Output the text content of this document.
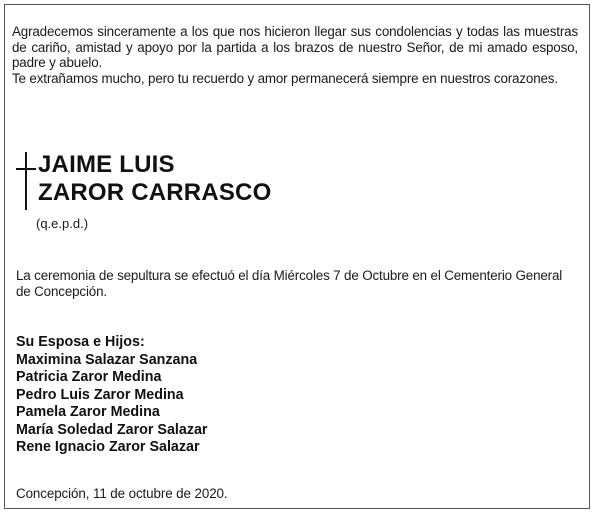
Agradecemos sinceramente a los que nos hicieron llegar sus condolencias y todas las muestras de cariño, amistad y apoyo por la partida a los brazos de nuestro Señor, de mi amado esposo, padre y abuelo.

Te extrañamos mucho, pero tu recuerdo y amor permanecerá siempre en nuestros corazones.

JAIME LUIS
ZAROR CARRASCO
(q.e.p.d.)
La ceremonia de sepultura se efectuó el día Miércoles 7 de Octubre en el Cementerio General de Concepción.
Su Esposa e Hijos:
Maximina Salazar Sanzana
Patricia Zaror Medina
Pedro Luis Zaror Medina
Pamela Zaror Medina
María Soledad Zaror Salazar
Rene Ignacio Zaror Salazar
Concepción, 11 de octubre de 2020.
